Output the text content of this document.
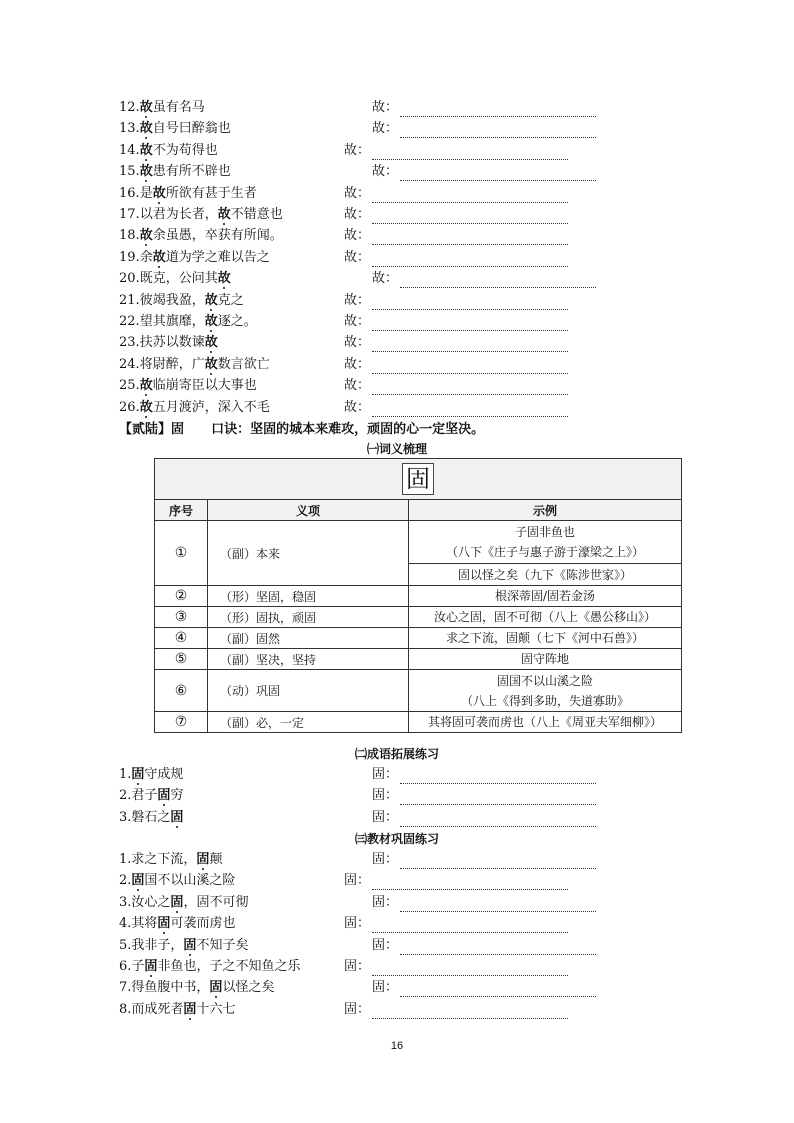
12.故虽有名马	故：
13.故自号曰醉翁也	故：
14.故不为苟得也	故：
15.故患有所不辟也	故：
16.是故所欲有甚于生者	故：
17.以君为长者，故不错意也	故：
18.故余虽愚，卒获有所闻。	故：
19.余故道为学之难以告之	故：
20.既克，公问其故	故：
21.彼竭我盈，故克之	故：
22.望其旗靡，故逐之。	故：
23.扶苏以数谏故	故：
24.将尉醉，广故数言欲亡	故：
25.故临崩寄臣以大事也	故：
26.故五月渡泸，深入不毛	故：
【贰陆】固 口诀：坚固的城本来难攻，顽固的心一定坚决。
㈠词义梳理
固		
序号	义项	示例
①	（副）本来	子固非鱼也
（八下《庄子与惠子游于濠梁之上》）

		固以怪之矣（九下《陈涉世家》）
②	（形）坚固，稳固	根深蒂固/固若金汤
③	（形）固执，顽固	汝心之固，固不可彻（八上《愚公移山》）
④	（副）固然	求之下流，固颠（七下《河中石兽》）
⑤	（副）坚决，坚持	固守阵地
⑥	（动）巩固	固国不以山溪之险
（八上《得到多助，失道寡助》

⑦	（副）必，一定	其将固可袭而虏也（八上《周亚夫军细柳》）
㈡成语拓展练习
1.固守成规	固：
2.君子固穷	固：
3.磐石之固	固：
㈢教材巩固练习
1.求之下流，固颠	固：
2.固国不以山溪之险	固：
3.汝心之固，固不可彻	固：
4.其将固可袭而虏也	固：
5.我非子，固不知子矣	固：
6.子固非鱼也，子之不知鱼之乐	固：
7.得鱼腹中书，固以怪之矣	固：
8.而成死者固十六七	固：
16
